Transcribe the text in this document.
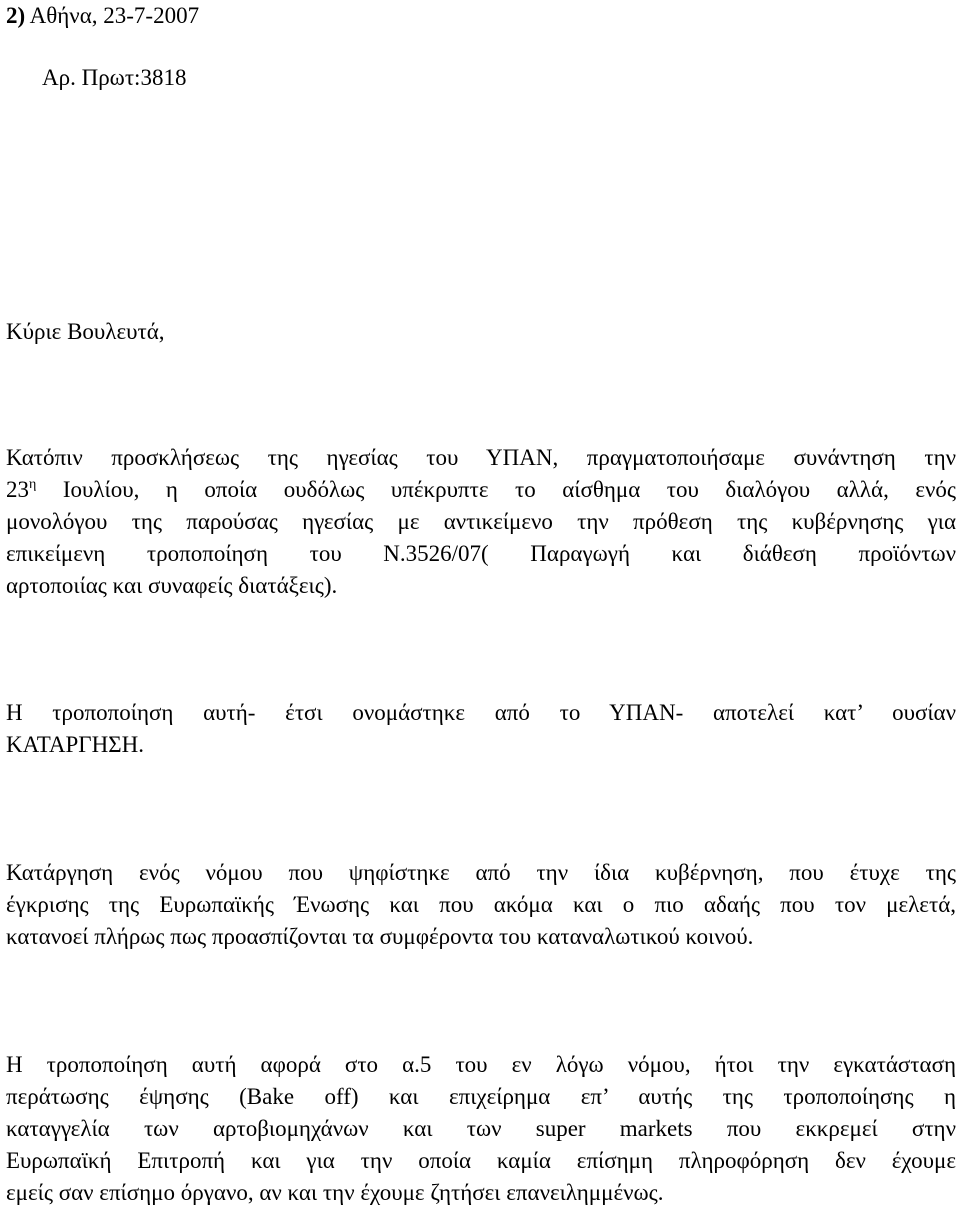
2) Αθήνα, 23-7-2007
Αρ. Πρωτ:3818
Κύριε Βουλευτά,
Κατόπιν προσκλήσεως της ηγεσίας του ΥΠΑΝ, πραγματοποιήσαμε συνάντηση την
$23^\eta$ Ιουλίου, η οποία ουδόλως υπέκρυπτε το αίσθημα του διαλόγου αλλά, ενός
μονολόγου της παρούσας ηγεσίας με αντικείμενο την πρόθεση της κυβέρνησης για
επικείμενη τροποποίηση του Ν.3526/07( Παραγωγή και διάθεση προϊόντων
αρτοποιίας και συναφείς διατάξεις).
Η τροποποίηση αυτή- έτσι ονομάστηκε από το ΥΠΑΝ- αποτελεί κατ’ ουσίαν
ΚΑΤΑΡΓΗΣΗ.
Κατάργηση ενός νόμου που ψηφίστηκε από την ίδια κυβέρνηση, που έτυχε της
έγκρισης της Ευρωπαϊκής Ένωσης και που ακόμα και ο πιο αδαής που τον μελετά,
κατανοεί πλήρως πως προασπίζονται τα συμφέροντα του καταναλωτικού κοινού.
Η τροποποίηση αυτή αφορά στο α.5 του εν λόγω νόμου, ήτοι την εγκατάσταση
περάτωσης έψησης (Bake off) και επιχείρημα επ’ αυτής της τροποποίησης η
καταγγελία των αρτοβιομηχάνων και των super markets που εκκρεμεί στην
Ευρωπαϊκή Επιτροπή και για την οποία καμία επίσημη πληροφόρηση δεν έχουμε
εμείς σαν επίσημο όργανο, αν και την έχουμε ζητήσει επανειλημμένως.
